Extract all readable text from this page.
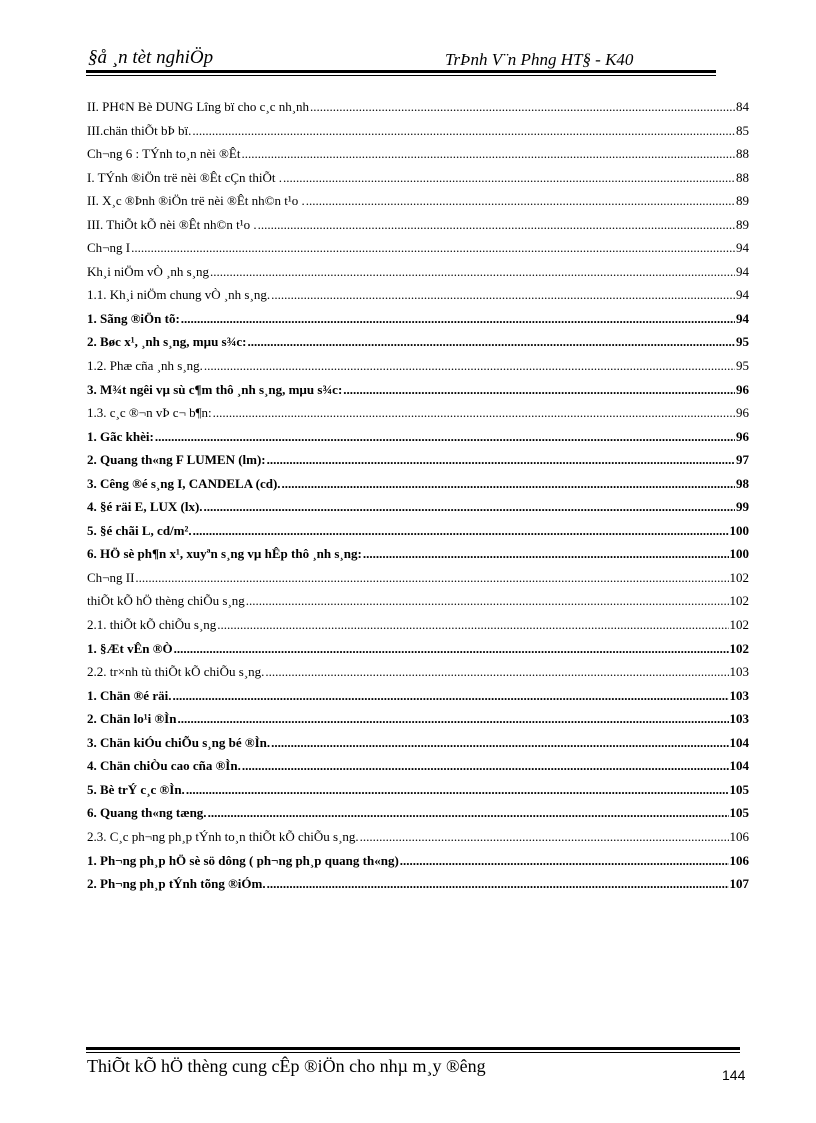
§å ¸n tèt nghiÖp	TrÞnh V¨n Phng HT§ - K40
II. PH¢N Bè DUNG Lîng bï cho c¸c nh¸nh .....	84
III.chän thiÕt bÞ bï. .....	85
Ch¬ng 6 : TÝnh to¸n nèi ®Êt .....	88
I. TÝnh ®iÖn trë nèi ®Êt cÇn thiÕt . .....	88
II. X¸c ®Þnh ®iÖn trë nèi ®Êt nh©n t¹o . .....	89
III. ThiÕt kÕ nèi ®Êt nh©n t¹o . .....	89
Ch¬ng I .....	94
Kh¸i niÖm vÒ ¸nh s¸ng .....	94
1.1. Kh¸i niÖm chung vÒ ¸nh s¸ng. .....	94
1. Sãng ®iÖn tõ: .....	94
2. Bøc x¹, ¸nh s¸ng, mµu s¾c: .....	95
1.2. Phæ cña ¸nh s¸ng. .....	95
3. M¾t ngêi vµ sù c¶m thô ¸nh s¸ng, mµu s¾c: .....	96
1.3. c¸c ®¬n vÞ c¬ b¶n: .....	96
1. Gãc khèi: .....	96
2. Quang th«ng F LUMEN (lm): .....	97
3. Cêng ®é s¸ng I, CANDELA (cd). .....	98
4. §é räi E, LUX (lx). .....	99
5. §é chãi L, cd/m². .....	100
6. HÖ sè ph¶n x¹, xuyªn s¸ng vµ hÊp thô ¸nh s¸ng: .....	100
Ch¬ng II .....	102
thiÕt kÕ hÖ thèng chiÕu s¸ng .....	102
2.1. thiÕt kÕ chiÕu s¸ng .....	102
1. §Æt vÊn ®Ò .....	102
2.2. tr×nh tù thiÕt kÕ chiÕu s¸ng. .....	103
1. Chän ®é räi. .....	103
2. Chän lo¹i ®Ìn .....	103
3. Chän kiÓu chiÕu s¸ng bé ®Ìn. .....	104
4. Chän chiÒu cao cña ®Ìn. .....	104
5. Bè trÝ c¸c ®Ìn. .....	105
6. Quang th«ng tæng. .....	105
2.3. C¸c ph¬ng ph¸p tÝnh to¸n thiÕt kÕ chiÕu s¸ng. .....	106
1. Ph¬ng ph¸p hÖ sè sö dông ( ph¬ng ph¸p quang th«ng) .....	106
2. Ph¬ng ph¸p tÝnh tõng ®iÓm. .....	107
ThiÕt kÕ hÖ thèng cung cÊp ®iÖn cho nhµ m¸y ®êng	144
